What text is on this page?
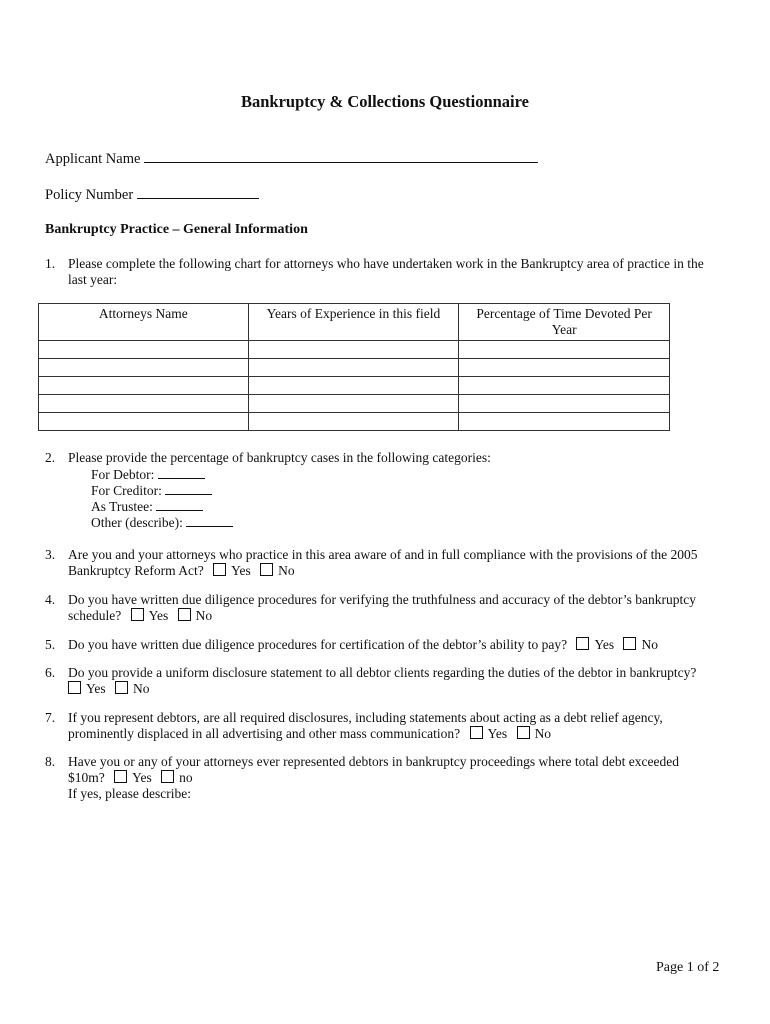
Bankruptcy & Collections Questionnaire
Applicant Name
Policy Number
Bankruptcy Practice – General Information
1. Please complete the following chart for attorneys who have undertaken work in the Bankruptcy area of practice in the
last year:
Attorneys Name	Years of Experience in this field	Percentage of Time Devoted Per Year

2. Please provide the percentage of bankruptcy cases in the following categories:
For Debtor:
For Creditor:
As Trustee:
Other (describe):
3. Are you and your attorneys who practice in this area aware of and in full compliance with the provisions of the 2005
Bankruptcy Reform Act? Yes No
4. Do you have written due diligence procedures for verifying the truthfulness and accuracy of the debtor’s bankruptcy
schedule? Yes No
5. Do you have written due diligence procedures for certification of the debtor’s ability to pay? Yes No
6. Do you provide a uniform disclosure statement to all debtor clients regarding the duties of the debtor in bankruptcy?
Yes No
7. If you represent debtors, are all required disclosures, including statements about acting as a debt relief agency,
prominently displaced in all advertising and other mass communication? Yes No
8. Have you or any of your attorneys ever represented debtors in bankruptcy proceedings where total debt exceeded
$10m? Yes no
If yes, please describe:
Page 1 of 2
